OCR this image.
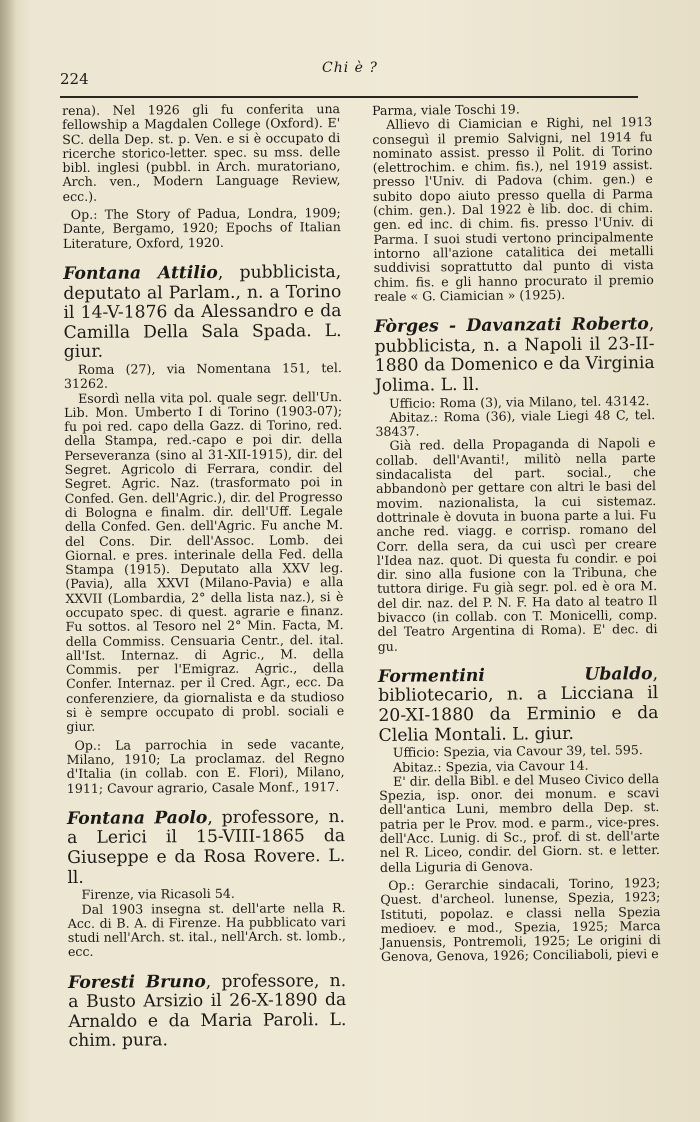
224
Chi è ?

rena). Nel 1926 gli fu conferita una fellowship a Magdalen College (Oxford). E' SC. della Dep. st. p. Ven. e si è occupato di ricerche storico-letter. spec. su mss. delle bibl. inglesi (pubbl. in Arch. muratoriano, Arch. ven., Modern Language Review, ecc.).

Op.: The Story of Padua, Londra, 1909; Dante, Bergamo, 1920; Epochs of Italian Literature, Oxford, 1920.

Fontana Attilio, pubblicista, deputato al Parlam., n. a Torino il 14-V-1876 da Alessandro e da Camilla Della Sala Spada. L. giur.

Roma (27), via Nomentana 151, tel. 31262.

Esordì nella vita pol. quale segr. dell'Un. Lib. Mon. Umberto I di Torino (1903-07); fu poi red. capo della Gazz. di Torino, red. della Stampa, red.-capo e poi dir. della Perseveranza (sino al 31-XII-1915), dir. del Segret. Agricolo di Ferrara, condir. del Segret. Agric. Naz. (trasformato poi in Confed. Gen. dell'Agric.), dir. del Progresso di Bologna e finalm. dir. dell'Uff. Legale della Confed. Gen. dell'Agric. Fu anche M. del Cons. Dir. dell'Assoc. Lomb. dei Giornal. e pres. interinale della Fed. della Stampa (1915). Deputato alla XXV leg. (Pavia), alla XXVI (Milano-Pavia) e alla XXVII (Lombardia, 2° della lista naz.), si è occupato spec. di quest. agrarie e finanz. Fu sottos. al Tesoro nel 2° Min. Facta, M. della Commiss. Censuaria Centr., del. ital. all'Ist. Internaz. di Agric., M. della Commis. per l'Emigraz. Agric., della Confer. Internaz. per il Cred. Agr., ecc. Da conferenziere, da giornalista e da studioso si è sempre occupato di probl. sociali e giur.

Op.: La parrochia in sede vacante, Milano, 1910; La proclamaz. del Regno d'Italia (in collab. con E. Flori), Milano, 1911; Cavour agrario, Casale Monf., 1917.

Fontana Paolo, professore, n. a Lerici il 15-VIII-1865 da Giuseppe e da Rosa Rovere. L. ll.

Firenze, via Ricasoli 54.

Dal 1903 insegna st. dell'arte nella R. Acc. di B. A. di Firenze. Ha pubblicato vari studi nell'Arch. st. ital., nell'Arch. st. lomb., ecc.

Foresti Bruno, professore, n. a Busto Arsizio il 26-X-1890 da Arnaldo e da Maria Paroli. L. chim. pura.

Parma, viale Toschi 19.

Allievo di Ciamician e Righi, nel 1913 conseguì il premio Salvigni, nel 1914 fu nominato assist. presso il Polit. di Torino (elettrochim. e chim. fis.), nel 1919 assist. presso l'Univ. di Padova (chim. gen.) e subito dopo aiuto presso quella di Parma (chim. gen.). Dal 1922 è lib. doc. di chim. gen. ed inc. di chim. fis. presso l'Univ. di Parma. I suoi studi vertono principalmente intorno all'azione catalitica dei metalli suddivisi soprattutto dal punto di vista chim. fis. e gli hanno procurato il premio reale « G. Ciamician » (1925).

Fòrges - Davanzati Roberto, pubblicista, n. a Napoli il 23-II-1880 da Domenico e da Virginia Jolima. L. ll.

Ufficio: Roma (3), via Milano, tel. 43142.

Abitaz.: Roma (36), viale Liegi 48 C, tel. 38437.

Già red. della Propaganda di Napoli e collab. dell'Avanti!, militò nella parte sindacalista del part. social., che abbandonò per gettare con altri le basi del movim. nazionalista, la cui sistemaz. dottrinale è dovuta in buona parte a lui. Fu anche red. viagg. e corrisp. romano del Corr. della sera, da cui uscì per creare l'Idea naz. quot. Di questa fu condir. e poi dir. sino alla fusione con la Tribuna, che tuttora dirige. Fu già segr. pol. ed è ora M. del dir. naz. del P. N. F. Ha dato al teatro Il bivacco (in collab. con T. Monicelli, comp. del Teatro Argentina di Roma). E' dec. di gu.

Formentini Ubaldo, bibliotecario, n. a Licciana il 20-XI-1880 da Erminio e da Clelia Montali. L. giur.

Ufficio: Spezia, via Cavour 39, tel. 595.

Abitaz.: Spezia, via Cavour 14.

E' dir. della Bibl. e del Museo Civico della Spezia, isp. onor. dei monum. e scavi dell'antica Luni, membro della Dep. st. patria per le Prov. mod. e parm., vice-pres. dell'Acc. Lunig. di Sc., prof. di st. dell'arte nel R. Liceo, condir. del Giorn. st. e letter. della Liguria di Genova.

Op.: Gerarchie sindacali, Torino, 1923; Quest. d'archeol. lunense, Spezia, 1923; Istituti, popolaz. e classi nella Spezia medioev. e mod., Spezia, 1925; Marca Januensis, Pontremoli, 1925; Le origini di Genova, Genova, 1926; Conciliaboli, pievi e
